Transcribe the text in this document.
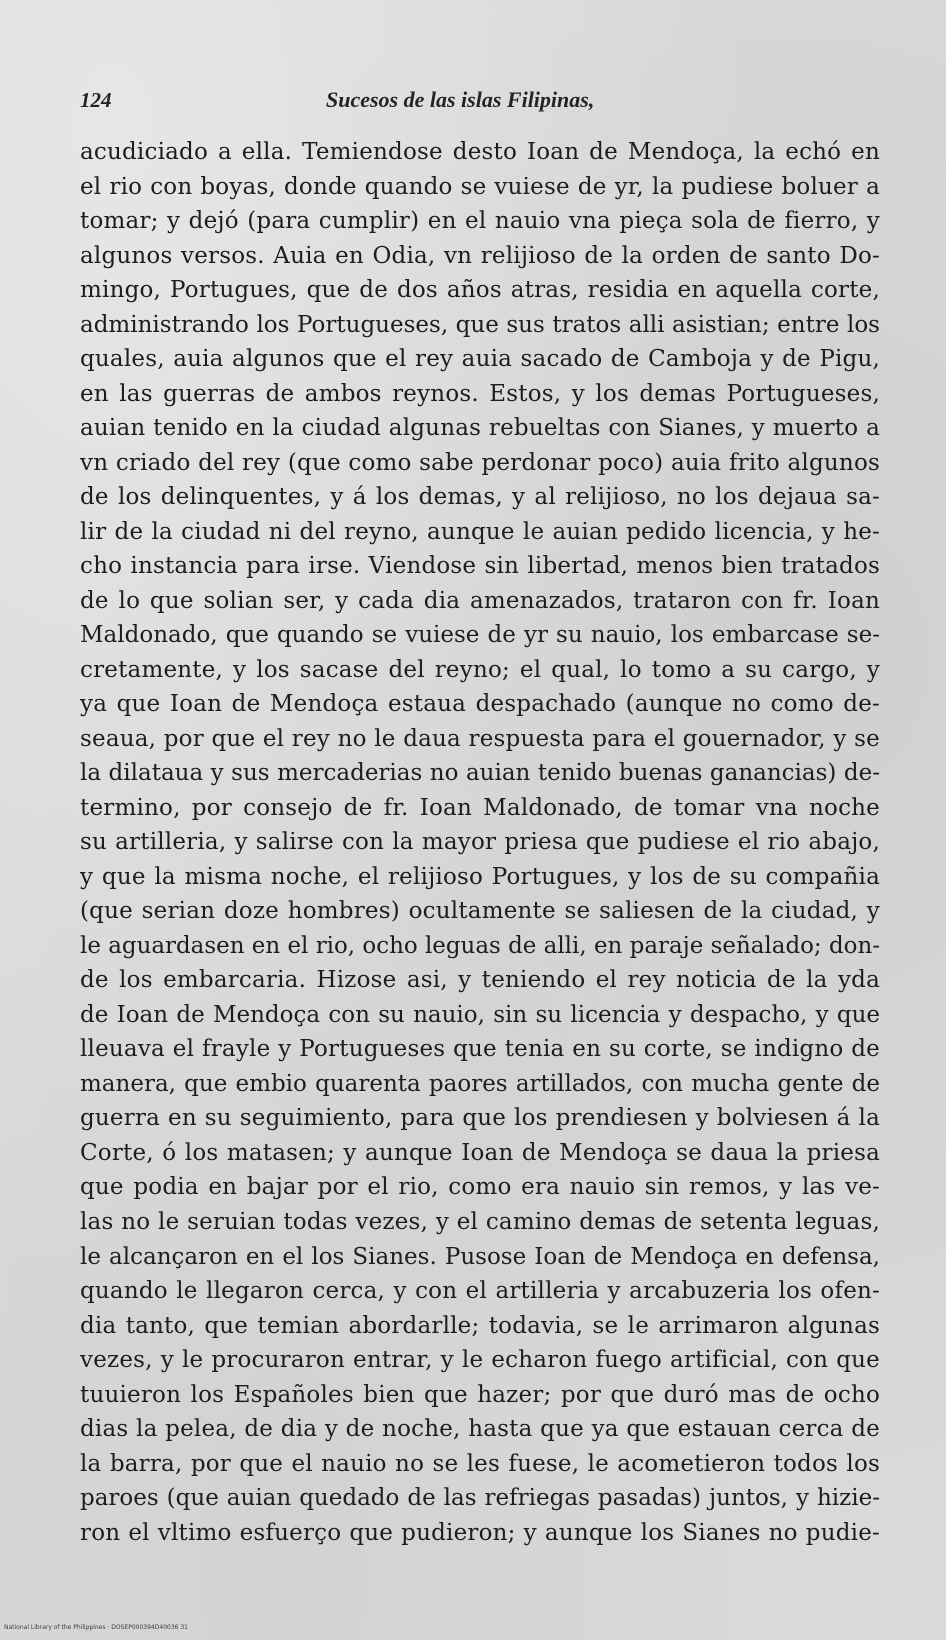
124	Sucesos de las islas Filipinas,
acudiciado a ella. Temiendose desto Ioan de Mendoça, la echó en
el rio con boyas, donde quando se vuiese de yr, la pudiese boluer a
tomar; y dejó (para cumplir) en el nauio vna pieça sola de fierro, y
algunos versos. Auia en Odia, vn relijioso de la orden de santo Do-
mingo, Portugues, que de dos años atras, residia en aquella corte,
administrando los Portugueses, que sus tratos alli asistian; entre los
quales, auia algunos que el rey auia sacado de Camboja y de Pigu,
en las guerras de ambos reynos. Estos, y los demas Portugueses,
auian tenido en la ciudad algunas rebueltas con Sianes, y muerto a
vn criado del rey (que como sabe perdonar poco) auia frito algunos
de los delinquentes, y á los demas, y al relijioso, no los dejaua sa-
lir de la ciudad ni del reyno, aunque le auian pedido licencia, y he-
cho instancia para irse. Viendose sin libertad, menos bien tratados
de lo que solian ser, y cada dia amenazados, trataron con fr. Ioan
Maldonado, que quando se vuiese de yr su nauio, los embarcase se-
cretamente, y los sacase del reyno; el qual, lo tomo a su cargo, y
ya que Ioan de Mendoça estaua despachado (aunque no como de-
seaua, por que el rey no le daua respuesta para el gouernador, y se
la dilataua y sus mercaderias no auian tenido buenas ganancias) de-
termino, por consejo de fr. Ioan Maldonado, de tomar vna noche
su artilleria, y salirse con la mayor priesa que pudiese el rio abajo,
y que la misma noche, el relijioso Portugues, y los de su compañia
(que serian doze hombres) ocultamente se saliesen de la ciudad, y
le aguardasen en el rio, ocho leguas de alli, en paraje señalado; don-
de los embarcaria. Hizose asi, y teniendo el rey noticia de la yda
de Ioan de Mendoça con su nauio, sin su licencia y despacho, y que
lleuava el frayle y Portugueses que tenia en su corte, se indigno de
manera, que embio quarenta paores artillados, con mucha gente de
guerra en su seguimiento, para que los prendiesen y bolviesen á la
Corte, ó los matasen; y aunque Ioan de Mendoça se daua la priesa
que podia en bajar por el rio, como era nauio sin remos, y las ve-
las no le seruian todas vezes, y el camino demas de setenta leguas,
le alcançaron en el los Sianes. Pusose Ioan de Mendoça en defensa,
quando le llegaron cerca, y con el artilleria y arcabuzeria los ofen-
dia tanto, que temian abordarlle; todavia, se le arrimaron algunas
vezes, y le procuraron entrar, y le echaron fuego artificial, con que
tuuieron los Españoles bien que hazer; por que duró mas de ocho
dias la pelea, de dia y de noche, hasta que ya que estauan cerca de
la barra, por que el nauio no se les fuese, le acometieron todos los
paroes (que auian quedado de las refriegas pasadas) juntos, y hizie-
ron el vltimo esfuerço que pudieron; y aunque los Sianes no pudie-
National Library of the Philippines · DOSEP000394D40036 31
